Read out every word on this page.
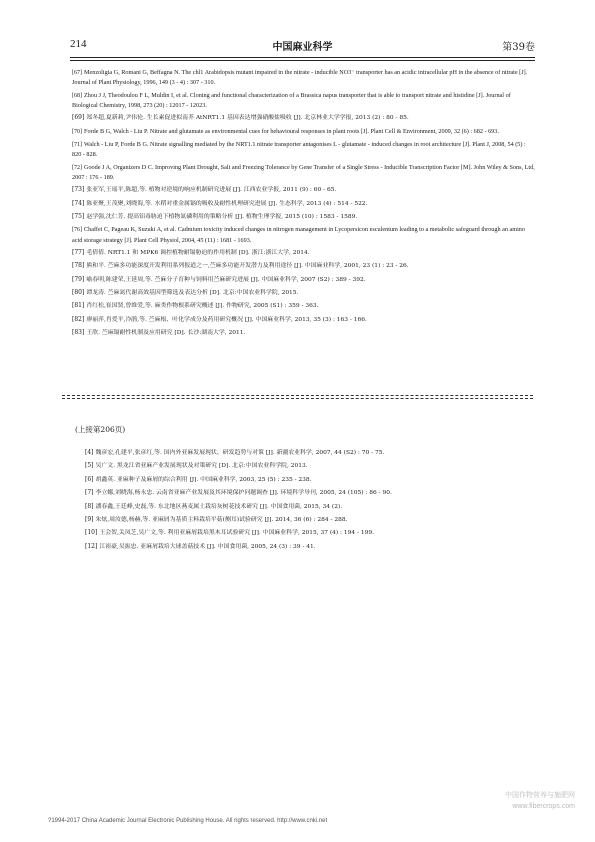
214	中国麻业科学	第39卷
[67] Menzoligia G, Romani G, Beffagna N. The chl1 Arabidopsis mutant impaired in the nitrate - inducible NO3⁻ transporter has an acidic intracellular pH in the absence of nitrate [J]. Journal of Plant Physiology, 1996, 149 (3 - 4) : 307 - 310.
[68] Zhou J J, Theodoulou F L, Muldin I, et al. Cloning and functional characterization of a Brassica napus transporter that is able to transport nitrate and histidine [J]. Journal of Biological Chemistry, 1998, 273 (20) : 12017 - 12023.
[69] 郑冬超,夏新莉,尹伟伦. 生长素促进拟南芥 AtNRT1.1 基因表达增强硝酸盐吸收 [J]. 北京林业大学学报, 2013 (2) : 80 - 85.
[70] Forde B G, Walch - Liu P. Nitrate and glutamate as environmental cues for behavioural responses in plant roots [J]. Plant Cell & Environment, 2009, 32 (6) : 682 - 693.
[71] Walch - Liu P, Forde B G. Nitrate signalling mediated by the NRT1.1 nitrate transporter antagonises L - glutamate - induced changes in root architecture [J]. Plant J, 2008, 54 (5) : 820 - 828.
[72] Goode J A, Organizers D C. Improving Plant Drought, Salt and Freezing Tolerance by Gene Transfer of a Single Stress - Inducible Transcription Factor [M]. John Wiley & Sons, Ltd, 2007 : 176 - 189.
[73] 张亚军,王瑶平,陈超,等. 植物对逆境的响应机制研究进展 [J]. 江西农业学报, 2011 (9) : 60 - 65.
[74] 陈亚聚,王茂聚,刘晓海,等. 水稻对重金属镉的吸收及耐性机理研究进展 [J]. 生态科学, 2013 (4) : 514 - 522.
[75] 赵学强,沈仁芳. 提高铝毒胁迫下植物氮磷利用的策略分析 [J]. 植物生理学报, 2015 (10) : 1583 - 1589.
[76] Chaffei C, Pageau K, Suzuki A, et al. Cadmium toxicity induced changes in nitrogen management in Lycopersicon esculentum leading to a metabolic safeguard through an amino acid storage strategy [J]. Plant Cell Physiol, 2004, 45 (11) : 1681 - 1693.
[77] 毛倩倩. NRT1.1 和 MPK6 调控植物耐镉胁迫的作用机制 [D]. 浙江:浙江大学, 2014.
[78] 熊和平. 苎麻多功能深度开发利用系列报道之一,苎麻多功能开发潜力及利用途径 [J]. 中国麻业科学, 2001, 23 (1) : 23 - 26.
[79] 喻春明,陈建荣,王延周,等. 苎麻分子育种与饲料用苎麻研究进展 [J]. 中国麻业科学, 2007 (S2) : 389 - 392.
[80] 谭龙涛. 苎麻氮代谢高效基因型筛选及表达分析 [D]. 北京:中国农业科学院, 2015.
[81] 肖红松,崔国贤,曾维爱,等. 麻类作物根系研究概述 [J]. 作物研究, 2005 (S1) : 359 - 363.
[82] 廖丽萍,肖爱平,冷鹃,等. 苎麻根、叶化学成分及药用研究概况 [J]. 中国麻业科学, 2013, 35 (3) : 163 - 166.
[83] 王欣. 苎麻镉耐性机制及应用研究 [D]. 长沙:湖南大学, 2011.
(上接第206页)
[4] 魏彦宏,孔建平,张彦红,等. 国内外亚麻发展现状、研发趋势与对策 [J]. 新疆农业科学, 2007, 44 (S2) : 70 - 75.
[5] 吴广文. 黑龙江省亚麻产业发展现状及对策研究 [D]. 北京:中国农业科学院, 2013.
[6] 胡鑫英. 亚麻种子及麻屑的综合利用 [J]. 中国麻业科学, 2003, 25 (5) : 235 - 238.
[7] 李立娜,刘晓海,杨永忠. 云南省亚麻产业发展及其环境保护问题调查 [J]. 环境科学导刊, 2005, 24 (105) : 86 - 90.
[8] 潘春鑫,王廷峰,史磊,等. 东北地区燕麦属土栽培灰树花技术研究 [J]. 中国食用菌, 2015, 34 (2).
[9] 朱炫,周汝德,杨赫,等. 亚麻屑为基质主料栽培平菇(侧耳)试验研究 [J]. 2014, 36 (6) : 284 - 288.
[10] 王会贺,关凤芝,吴广文,等. 利用亚麻屑栽培黑木耳试验研究 [J]. 中国麻业科学, 2015, 37 (4) : 194 - 199.
[12] 江祖豪,吴振忠. 亚麻屑栽培大球盖菇技术 [J]. 中国食用菌, 2005, 24 (3) : 39 - 41.
中国作物营养与施肥网
www.fibercrops.com
?1994-2017 China Academic Journal Electronic Publishing House. All rights reserved. http://www.cnki.net
